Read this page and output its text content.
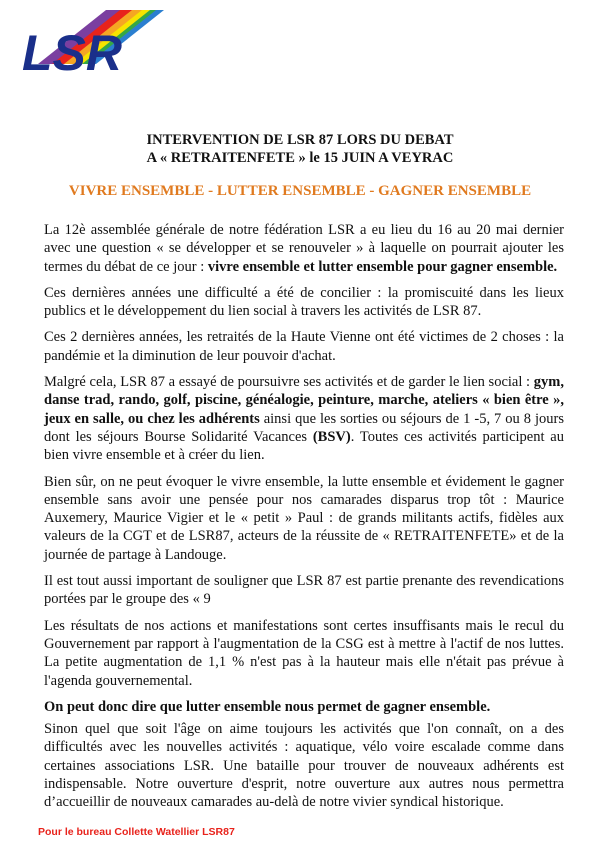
LSR
INTERVENTION DE LSR 87 LORS DU DEBAT
A « RETRAITENFETE » le 15 JUIN A VEYRAC
VIVRE ENSEMBLE - LUTTER ENSEMBLE - GAGNER ENSEMBLE

La 12è assemblée générale de notre fédération LSR a eu lieu du 16 au 20 mai dernier avec une question « se développer et se renouveler » à laquelle on pourrait ajouter les termes du débat de ce jour : vivre ensemble et lutter ensemble pour gagner ensemble.

Ces dernières années une difficulté a été de concilier : la promiscuité dans les lieux publics et le développement du lien social à travers les activités de LSR 87.

Ces 2 dernières années, les retraités de la Haute Vienne ont été victimes de 2 choses : la pandémie et la diminution de leur pouvoir d'achat.

Malgré cela, LSR 87 a essayé de poursuivre ses activités et de garder le lien social : gym, danse trad, rando, golf, piscine, généalogie, peinture, marche, ateliers « bien être », jeux en salle, ou chez les adhérents ainsi que les sorties ou séjours de 1 -5, 7 ou 8 jours dont les séjours Bourse Solidarité Vacances (BSV). Toutes ces activités participent au bien vivre ensemble et à créer du lien.

Bien sûr, on ne peut évoquer le vivre ensemble, la lutte ensemble et évidement le gagner ensemble sans avoir une pensée pour nos camarades disparus trop tôt : Maurice Auxemery, Maurice Vigier et le « petit » Paul : de grands militants actifs, fidèles aux valeurs de la CGT et de LSR87, acteurs de la réussite de « RETRAITENFETE» et de la journée de partage à Landouge.

Il est tout aussi important de souligner que LSR 87 est partie prenante des revendications portées par le groupe des « 9

Les résultats de nos actions et manifestations sont certes insuffisants mais le recul du Gouvernement par rapport à l'augmentation de la CSG est à mettre à l'actif de nos luttes. La petite augmentation de 1,1 % n'est pas à la hauteur mais elle n'était pas prévue à l'agenda gouvernemental.

On peut donc dire que lutter ensemble nous permet de gagner ensemble.

Sinon quel que soit l'âge on aime toujours les activités que l'on connaît, on a des difficultés avec les nouvelles activités : aquatique, vélo voire escalade comme dans certaines associations LSR. Une bataille pour trouver de nouveaux adhérents est indispensable. Notre ouverture d'esprit, notre ouverture aux autres nous permettra d’accueillir de nouveaux camarades au-delà de notre vivier syndical historique.

Pour le bureau Collette Watellier LSR87
